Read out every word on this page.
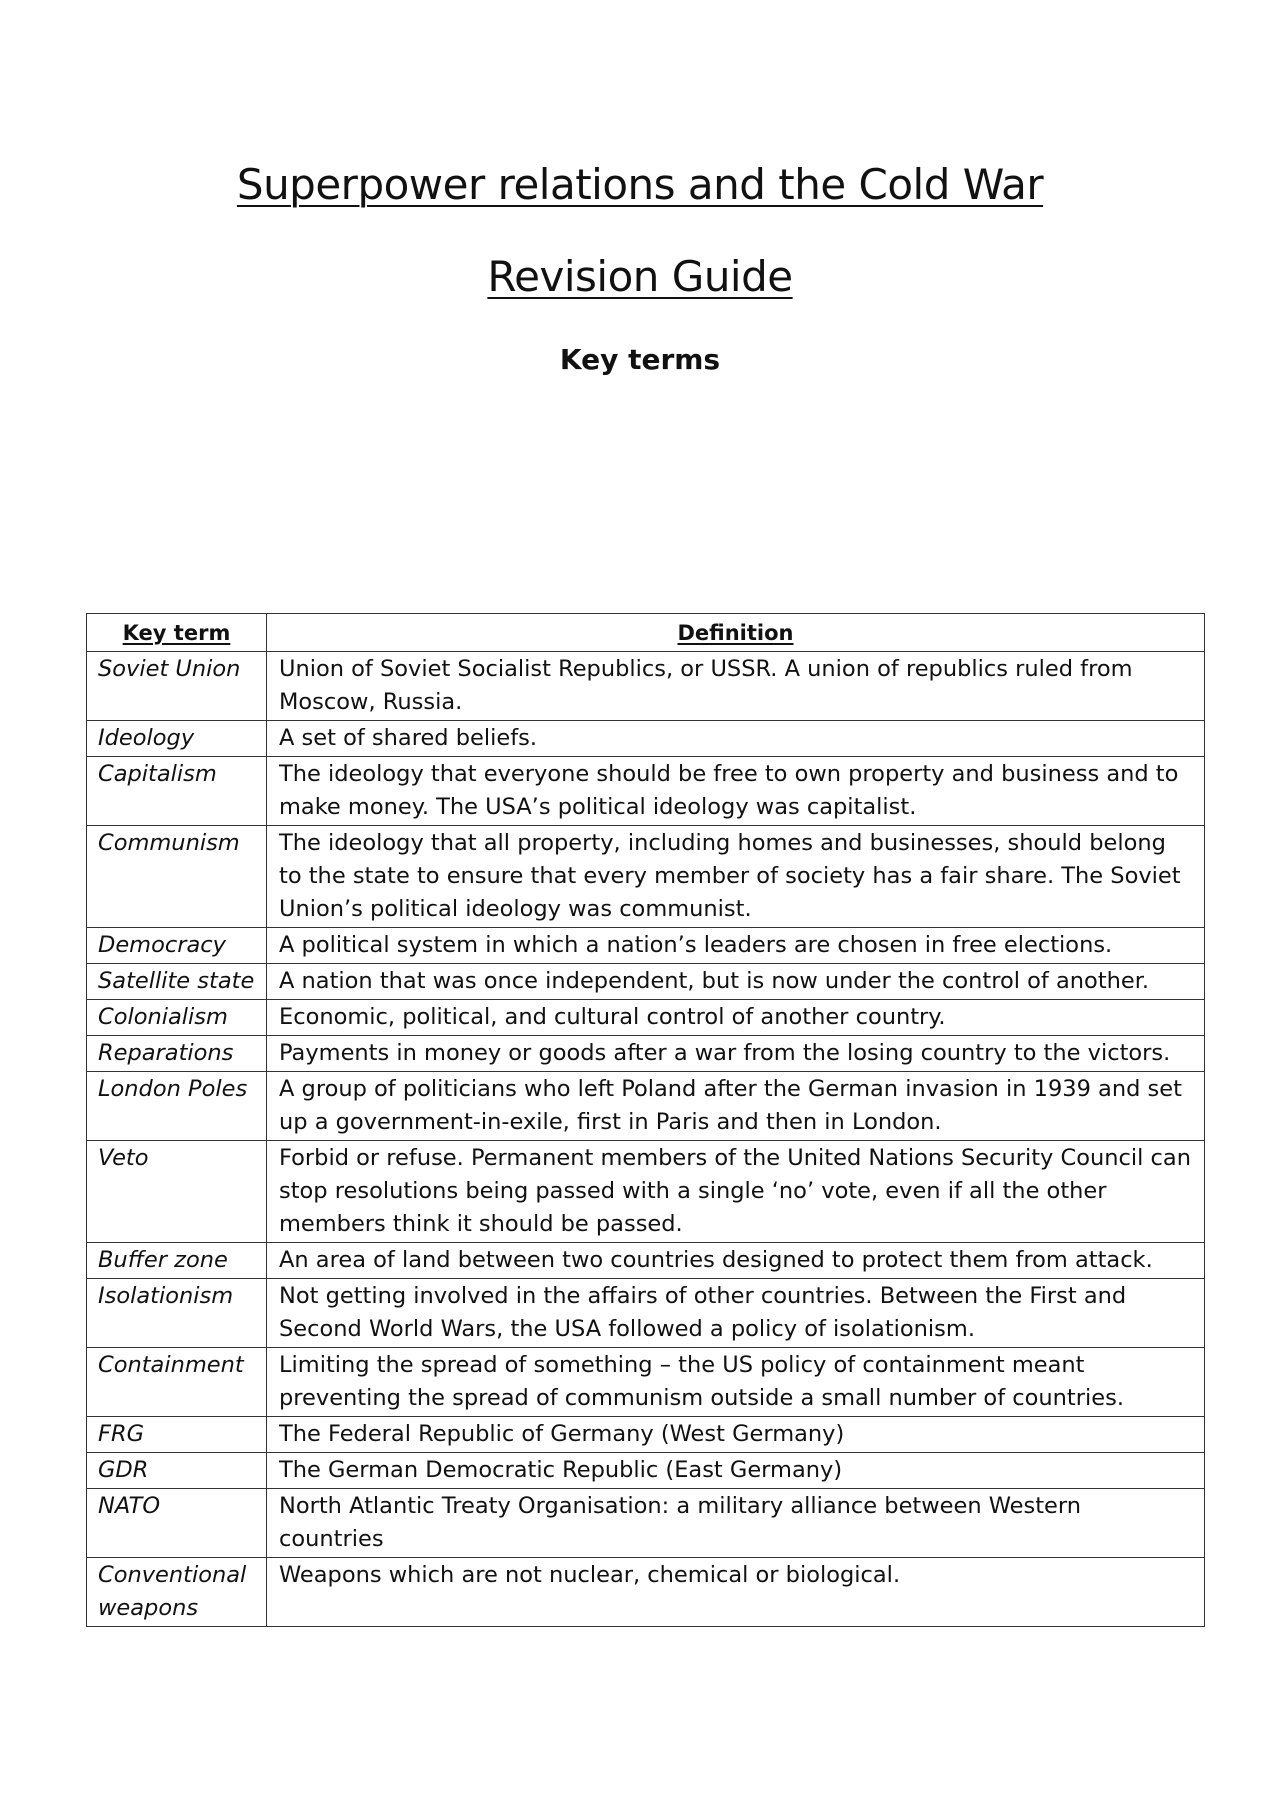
Superpower relations and the Cold War
Revision Guide
Key terms
Key term	Definition
Soviet Union	Union of Soviet Socialist Republics, or USSR. A union of republics ruled from Moscow, Russia.
Ideology	A set of shared beliefs.
Capitalism	The ideology that everyone should be free to own property and business and to make money. The USA’s political ideology was capitalist.
Communism	The ideology that all property, including homes and businesses, should belong to the state to ensure that every member of society has a fair share. The Soviet Union’s political ideology was communist.
Democracy	A political system in which a nation’s leaders are chosen in free elections.
Satellite state	A nation that was once independent, but is now under the control of another.
Colonialism	Economic, political, and cultural control of another country.
Reparations	Payments in money or goods after a war from the losing country to the victors.
London Poles	A group of politicians who left Poland after the German invasion in 1939 and set up a government-in-exile, first in Paris and then in London.
Veto	Forbid or refuse. Permanent members of the United Nations Security Council can stop resolutions being passed with a single ‘no’ vote, even if all the other members think it should be passed.
Buffer zone	An area of land between two countries designed to protect them from attack.
Isolationism	Not getting involved in the affairs of other countries. Between the First and Second World Wars, the USA followed a policy of isolationism.
Containment	Limiting the spread of something – the US policy of containment meant preventing the spread of communism outside a small number of countries.
FRG	The Federal Republic of Germany (West Germany)
GDR	The German Democratic Republic (East Germany)
NATO	North Atlantic Treaty Organisation: a military alliance between Western countries
Conventional weapons	Weapons which are not nuclear, chemical or biological.
